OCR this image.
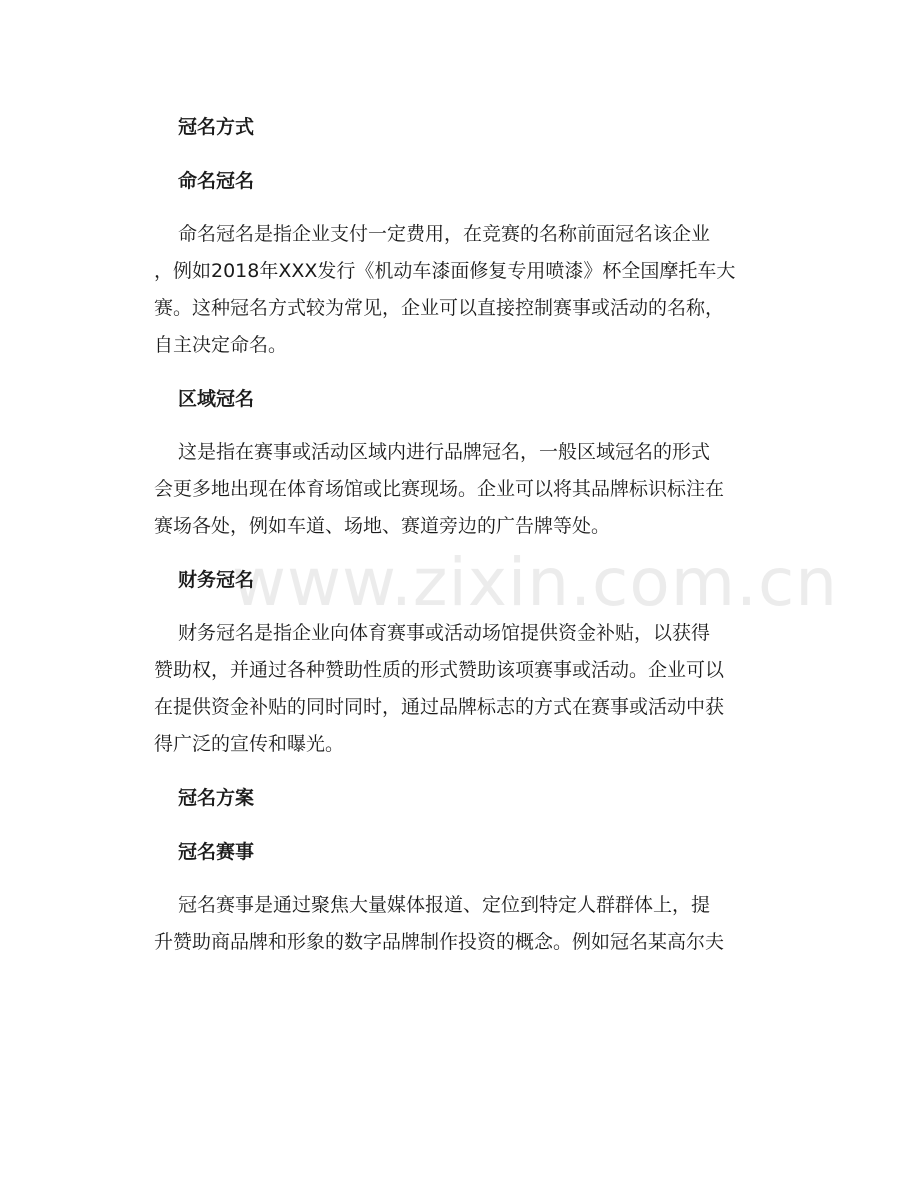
www.zixin.com.cn
冠名方式
命名冠名
命名冠名是指企业支付一定费用，在竞赛的名称前面冠名该企业
，例如2018年XXX发行《机动车漆面修复专用喷漆》杯全国摩托车大
赛。这种冠名方式较为常见，企业可以直接控制赛事或活动的名称，
自主决定命名。
区域冠名
这是指在赛事或活动区域内进行品牌冠名，一般区域冠名的形式
会更多地出现在体育场馆或比赛现场。企业可以将其品牌标识标注在
赛场各处，例如车道、场地、赛道旁边的广告牌等处。
财务冠名
财务冠名是指企业向体育赛事或活动场馆提供资金补贴，以获得
赞助权，并通过各种赞助性质的形式赞助该项赛事或活动。企业可以
在提供资金补贴的同时同时，通过品牌标志的方式在赛事或活动中获
得广泛的宣传和曝光。
冠名方案
冠名赛事
冠名赛事是通过聚焦大量媒体报道、定位到特定人群群体上，提
升赞助商品牌和形象的数字品牌制作投资的概念。例如冠名某高尔夫
